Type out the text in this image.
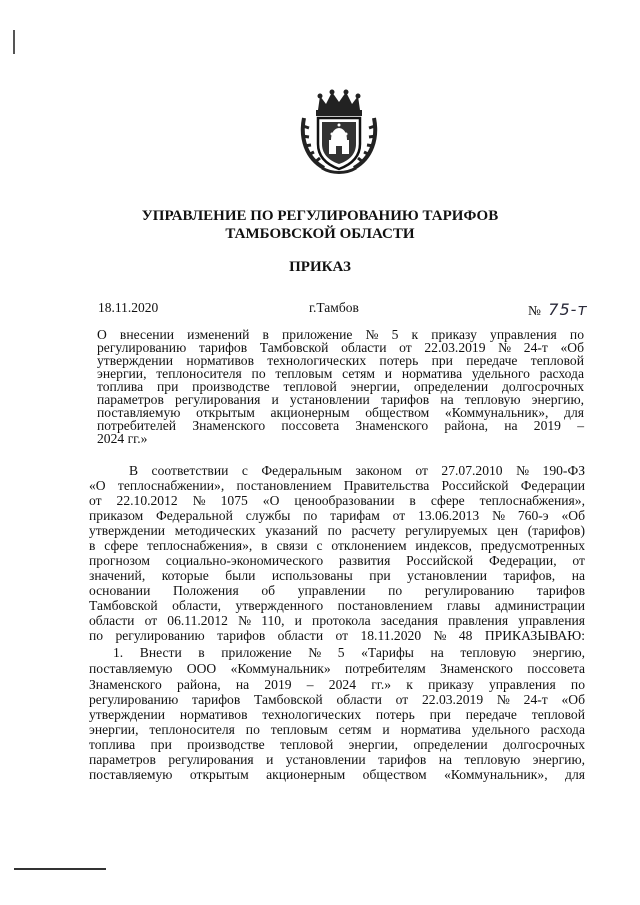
УПРАВЛЕНИЕ ПО РЕГУЛИРОВАНИЮ ТАРИФОВ
ТАМБОВСКОЙ ОБЛАСТИ
ПРИКАЗ
18.11.2020	г.Тамбов	№ 75-т
О внесении изменений в приложение № 5 к приказу управления по
регулированию тарифов Тамбовской области от 22.03.2019 № 24-т «Об
утверждении нормативов технологических потерь при передаче тепловой
энергии, теплоносителя по тепловым сетям и норматива удельного расхода
топлива при производстве тепловой энергии, определении долгосрочных
параметров регулирования и установлении тарифов на тепловую энергию,
поставляемую открытым акционерным обществом «Коммунальник», для
потребителей Знаменского поссовета Знаменского района, на 2019 –
2024 гг.»
В соответствии с Федеральным законом от 27.07.2010 № 190-ФЗ
«О теплоснабжении», постановлением Правительства Российской Федерации
от 22.10.2012 № 1075 «О ценообразовании в сфере теплоснабжения»,
приказом Федеральной службы по тарифам от 13.06.2013 № 760-э «Об
утверждении методических указаний по расчету регулируемых цен (тарифов)
в сфере теплоснабжения», в связи с отклонением индексов, предусмотренных
прогнозом социально-экономического развития Российской Федерации, от
значений, которые были использованы при установлении тарифов, на
основании Положения об управлении по регулированию тарифов
Тамбовской области, утвержденного постановлением главы администрации
области от 06.11.2012 № 110, и протокола заседания правления управления
по регулированию тарифов области от 18.11.2020 № 48 ПРИКАЗЫВАЮ:
1. Внести в приложение № 5 «Тарифы на тепловую энергию,
поставляемую ООО «Коммунальник» потребителям Знаменского поссовета
Знаменского района, на 2019 – 2024 гг.» к приказу управления по
регулированию тарифов Тамбовской области от 22.03.2019 № 24-т «Об
утверждении нормативов технологических потерь при передаче тепловой
энергии, теплоносителя по тепловым сетям и норматива удельного расхода
топлива при производстве тепловой энергии, определении долгосрочных
параметров регулирования и установлении тарифов на тепловую энергию,
поставляемую открытым акционерным обществом «Коммунальник», для
